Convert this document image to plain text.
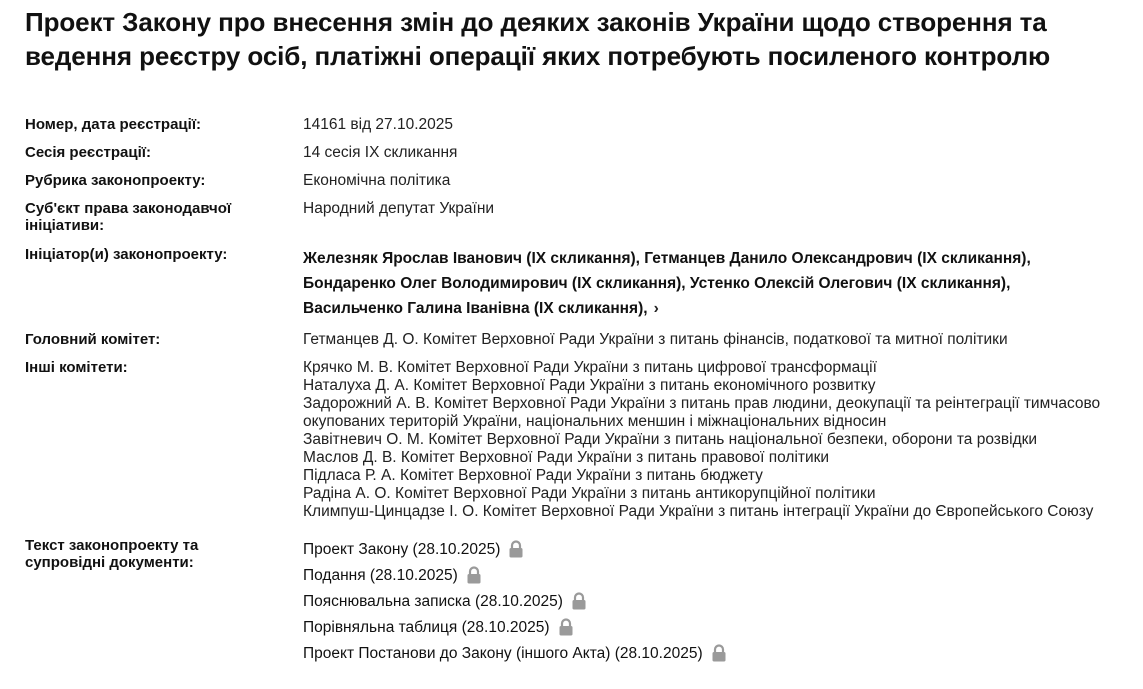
Проект Закону про внесення змін до деяких законів України щодо створення та ведення реєстру осіб, платіжні операції яких потребують посиленого контролю
Номер, дата реєстрації:	14161 від 27.10.2025
Сесія реєстрації:	14 сесія IX скликання
Рубрика законопроекту:	Економічна політика
Суб'єкт права законодавчої ініціативи:
Народний депутат України
Ініціатор(и) законопроекту:	Железняк Ярослав Іванович (IX скликання), Гетманцев Данило Олександрович (IX скликання),
Бондаренко Олег Володимирович (IX скликання), Устенко Олексій Олегович (IX скликання),
Васильченко Галина Іванівна (IX скликання), ›
Головний комітет:	Гетманцев Д. О. Комітет Верховної Ради України з питань фінансів, податкової та митної політики
Інші комітети:	Крячко М. В. Комітет Верховної Ради України з питань цифрової трансформації
Наталуха Д. А. Комітет Верховної Ради України з питань економічного розвитку
Задорожний А. В. Комітет Верховної Ради України з питань прав людини, деокупації та реінтеграції тимчасово окупованих територій України, національних меншин і міжнаціональних відносин
Завітневич О. М. Комітет Верховної Ради України з питань національної безпеки, оборони та розвідки
Маслов Д. В. Комітет Верховної Ради України з питань правової політики
Підласа Р. А. Комітет Верховної Ради України з питань бюджету
Радіна А. О. Комітет Верховної Ради України з питань антикорупційної політики
Климпуш-Цинцадзе І. О. Комітет Верховної Ради України з питань інтеграції України до Європейського Союзу
Текст законопроекту та супровідні документи:
Проект Закону (28.10.2025)
Подання (28.10.2025)
Пояснювальна записка (28.10.2025)
Порівняльна таблиця (28.10.2025)
Проект Постанови до Закону (іншого Акта) (28.10.2025)
